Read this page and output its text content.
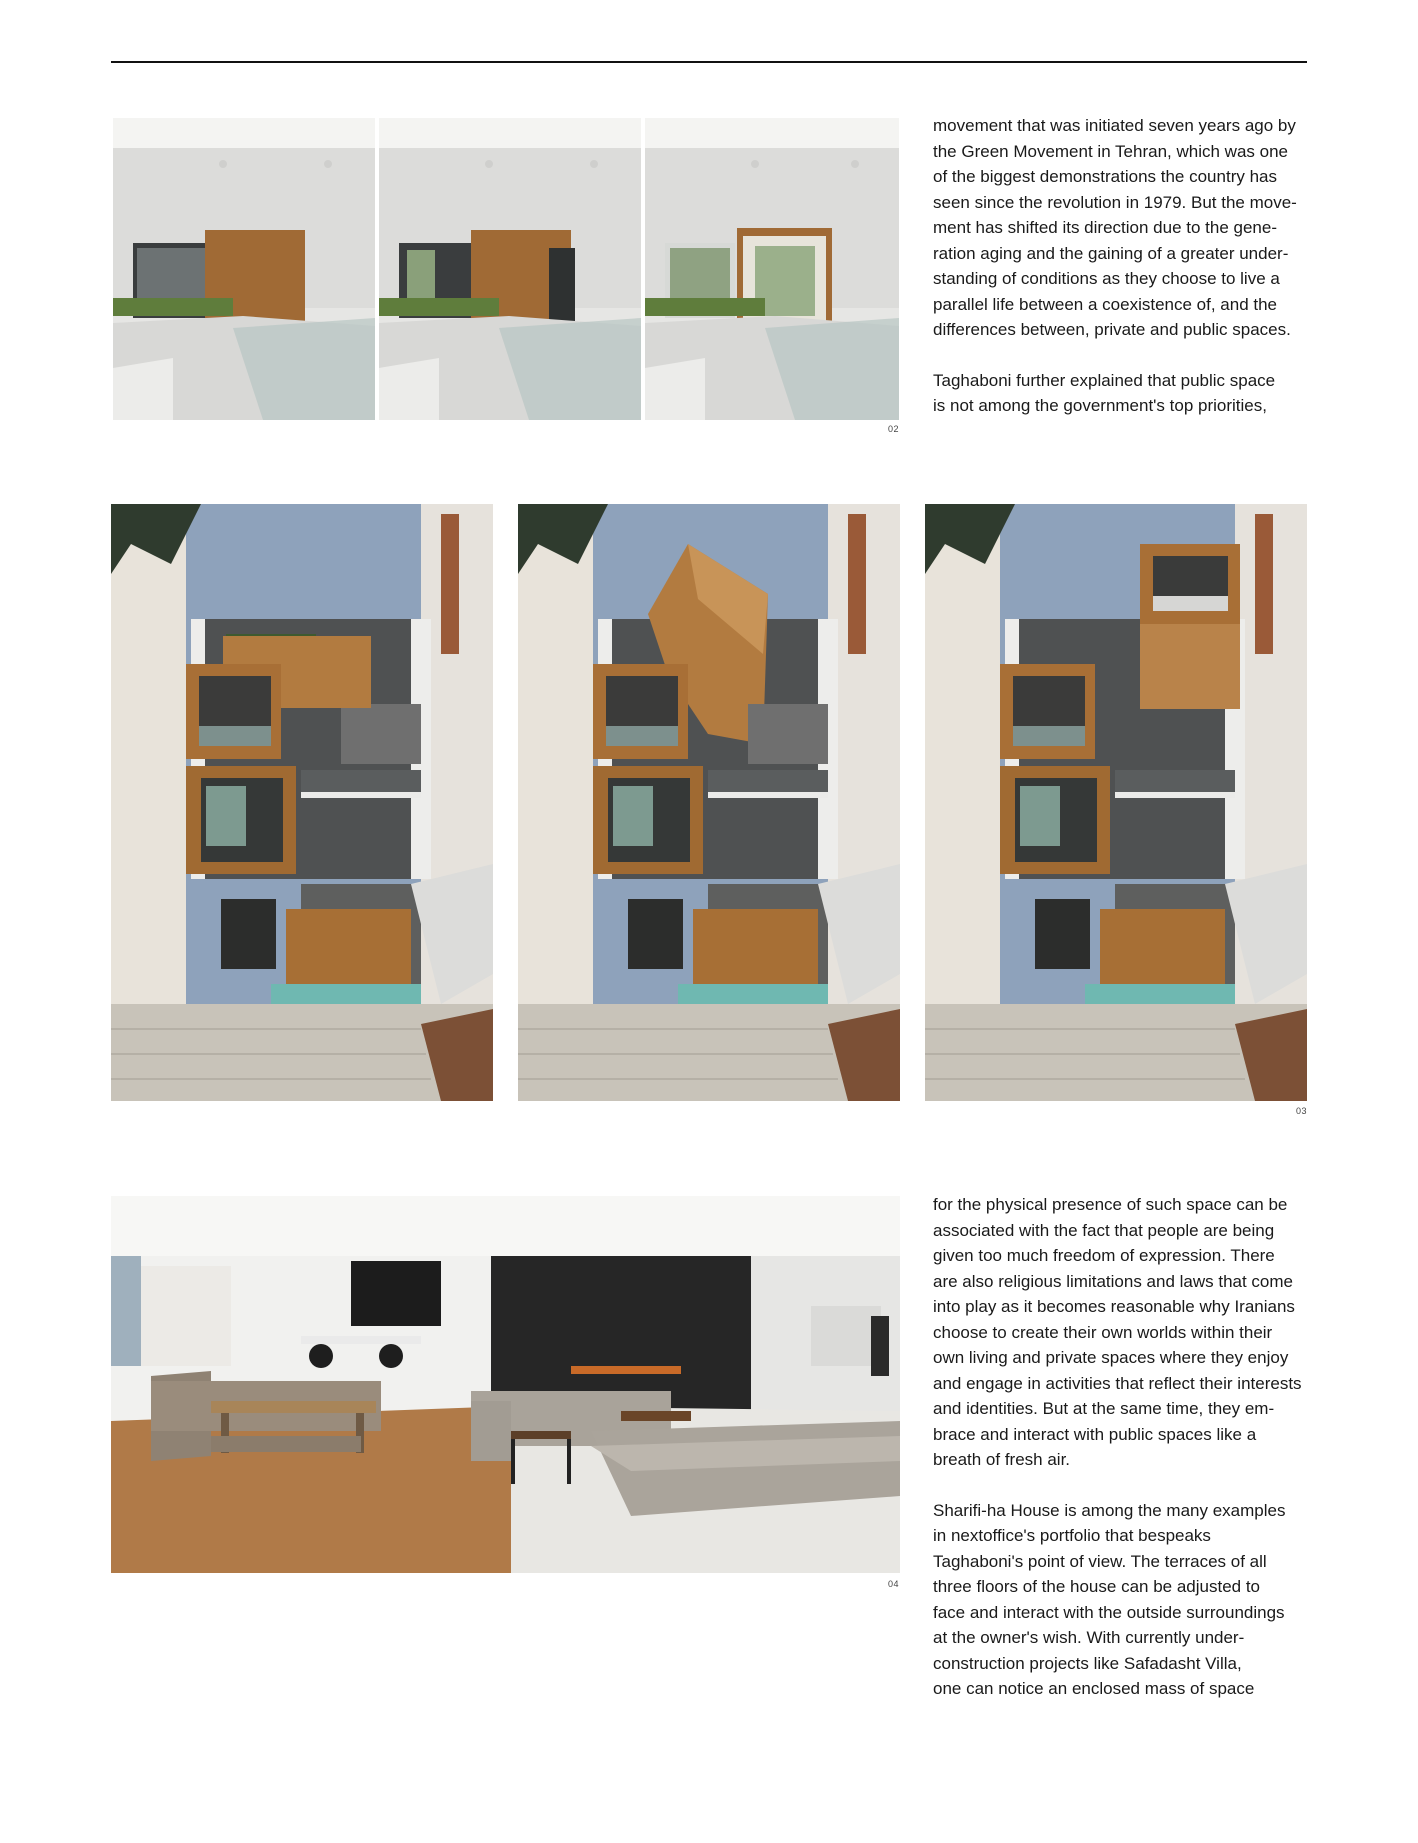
02

movement that was initiated seven years ago by
the Green Movement in Tehran, which was one
of the biggest demonstrations the country has
seen since the revolution in 1979. But the move-
ment has shifted its direction due to the gene-
ration aging and the gaining of a greater under-
standing of conditions as they choose to live a
parallel life between a coexistence of, and the
differences between, private and public spaces.

Taghaboni further explained that public space
is not among the government's top priorities,

03
04

for the physical presence of such space can be
associated with the fact that people are being
given too much freedom of expression. There
are also religious limitations and laws that come
into play as it becomes reasonable why Iranians
choose to create their own worlds within their
own living and private spaces where they enjoy
and engage in activities that reflect their interests
and identities. But at the same time, they em-
brace and interact with public spaces like a
breath of fresh air.

Sharifi-ha House is among the many examples
in nextoffice's portfolio that bespeaks
Taghaboni's point of view. The terraces of all
three floors of the house can be adjusted to
face and interact with the outside surroundings
at the owner's wish. With currently under-
construction projects like Safadasht Villa,
one can notice an enclosed mass of space
